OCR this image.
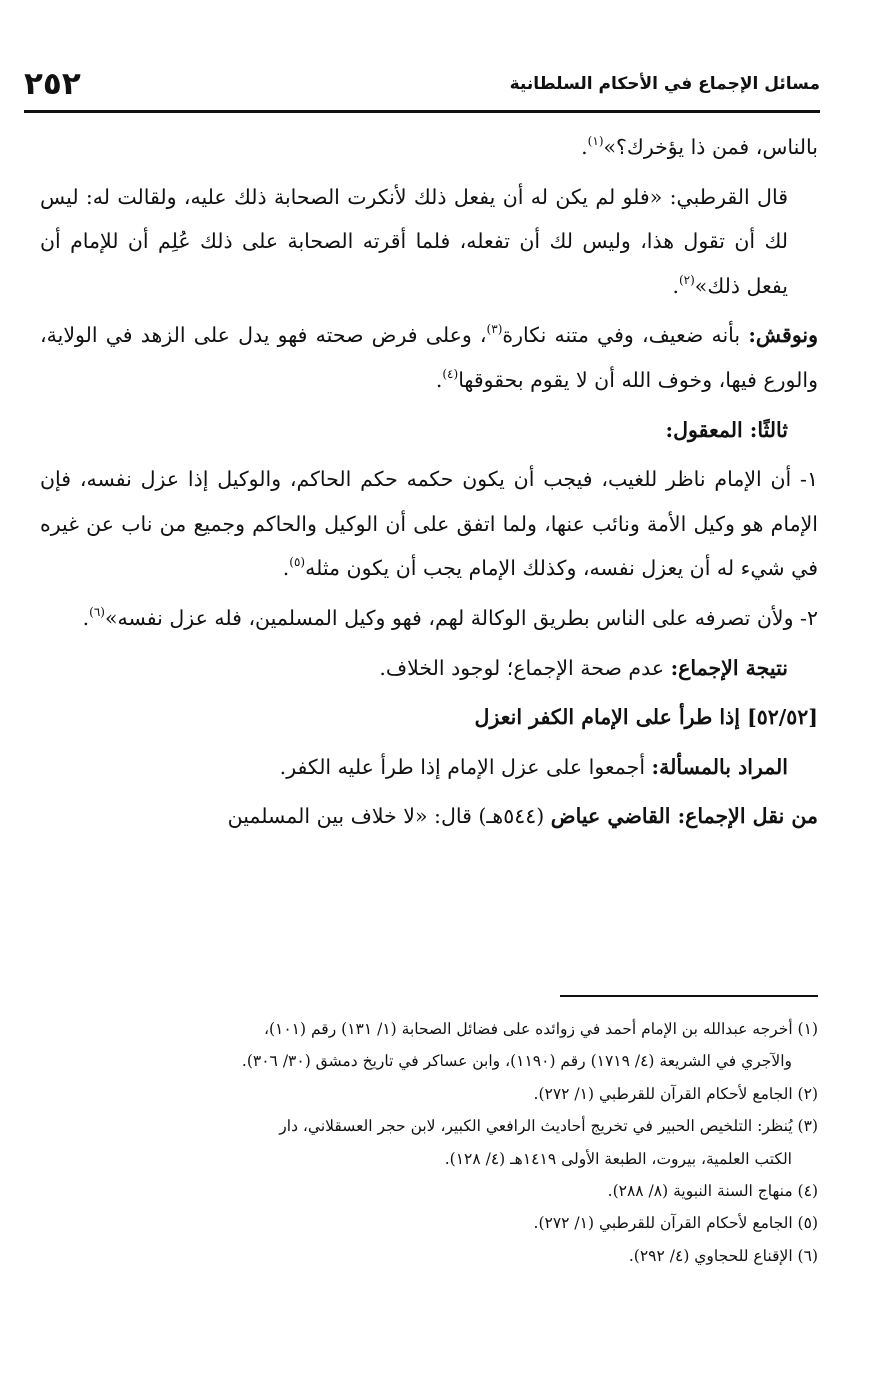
٢٥٢	مسائل الإجماع في الأحكام السلطانية

بالناس، فمن ذا يؤخرك؟»$^{(١)}$.

قال القرطبي: «فلو لم يكن له أن يفعل ذلك لأنكرت الصحابة ذلك عليه، ولقالت له: ليس لك أن تقول هذا، وليس لك أن تفعله، فلما أقرته الصحابة على ذلك عُلِم أن للإمام أن يفعل ذلك»$^{(٢)}$.

ونوقش: بأنه ضعيف، وفي متنه نكارة$^{(٣)}$، وعلى فرض صحته فهو يدل على الزهد في الولاية، والورع فيها، وخوف الله أن لا يقوم بحقوقها$^{(٤)}$.

ثالثًا: المعقول:

١- أن الإمام ناظر للغيب، فيجب أن يكون حكمه حكم الحاكم، والوكيل إذا عزل نفسه، فإن الإمام هو وكيل الأمة ونائب عنها، ولما اتفق على أن الوكيل والحاكم وجميع من ناب عن غيره في شيء له أن يعزل نفسه، وكذلك الإمام يجب أن يكون مثله$^{(٥)}$.

٢- ولأن تصرفه على الناس بطريق الوكالة لهم، فهو وكيل المسلمين، فله عزل نفسه»$^{(٦)}$.

نتيجة الإجماع: عدم صحة الإجماع؛ لوجود الخلاف.

[٥٢/٥٢] إذا طرأ على الإمام الكفر انعزل

المراد بالمسألة: أجمعوا على عزل الإمام إذا طرأ عليه الكفر.

من نقل الإجماع: القاضي عياض (٥٤٤هـ) قال: «لا خلاف بين المسلمين

(١) أخرجه عبدالله بن الإمام أحمد في زوائده على فضائل الصحابة (١/ ١٣١) رقم (١٠١)،

والآجري في الشريعة (٤/ ١٧١٩) رقم (١١٩٠)، وابن عساكر في تاريخ دمشق (٣٠/ ٣٠٦).

(٢) الجامع لأحكام القرآن للقرطبي (١/ ٢٧٢).

(٣) يُنظر: التلخيص الحبير في تخريج أحاديث الرافعي الكبير، لابن حجر العسقلاني، دار

الكتب العلمية، بيروت، الطبعة الأولى ١٤١٩هـ (٤/ ١٢٨).

(٤) منهاج السنة النبوية (٨/ ٢٨٨).

(٥) الجامع لأحكام القرآن للقرطبي (١/ ٢٧٢).

(٦) الإقناع للحجاوي (٤/ ٢٩٢).
